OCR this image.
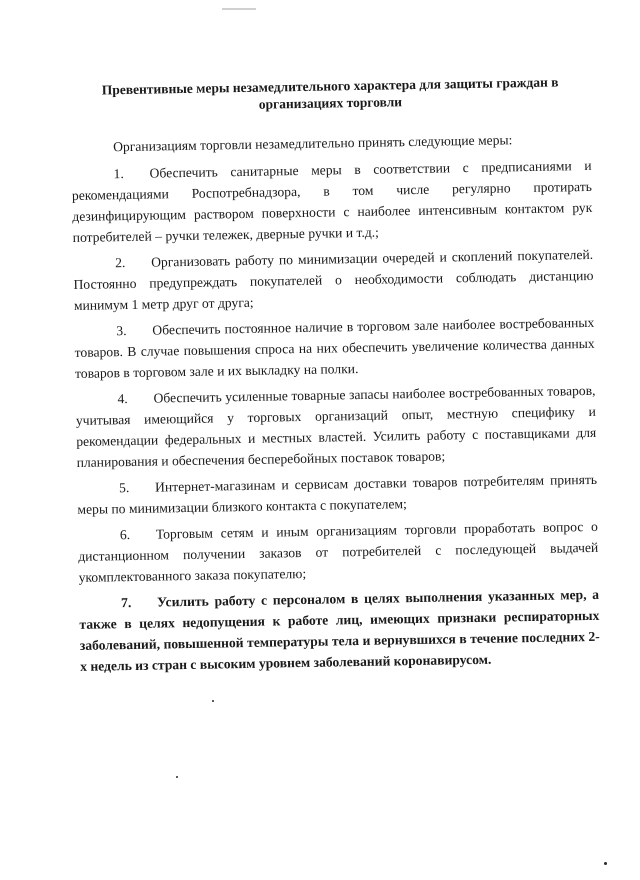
Превентивные меры незамедлительного характера для защиты граждан в организациях торговли
Организациям торговли незамедлительно принять следующие меры:
1. Обеспечить санитарные меры в соответствии с предписаниями и рекомендациями Роспотребнадзора, в том числе регулярно протирать дезинфицирующим раствором поверхности с наиболее интенсивным контактом рук потребителей – ручки тележек, дверные ручки и т.д.;
2. Организовать работу по минимизации очередей и скоплений покупателей. Постоянно предупреждать покупателей о необходимости соблюдать дистанцию минимум 1 метр друг от друга;
3. Обеспечить постоянное наличие в торговом зале наиболее востребованных товаров. В случае повышения спроса на них обеспечить увеличение количества данных товаров в торговом зале и их выкладку на полки.
4. Обеспечить усиленные товарные запасы наиболее востребованных товаров, учитывая имеющийся у торговых организаций опыт, местную специфику и рекомендации федеральных и местных властей. Усилить работу с поставщиками для планирования и обеспечения бесперебойных поставок товаров;
5. Интернет-магазинам и сервисам доставки товаров потребителям принять меры по минимизации близкого контакта с покупателем;
6. Торговым сетям и иным организациям торговли проработать вопрос о дистанционном получении заказов от потребителей с последующей выдачей укомплектованного заказа покупателю;
7. Усилить работу с персоналом в целях выполнения указанных мер, а также в целях недопущения к работе лиц, имеющих признаки респираторных заболеваний, повышенной температуры тела и вернувшихся в течение последних 2-х недель из стран с высоким уровнем заболеваний коронавирусом.
